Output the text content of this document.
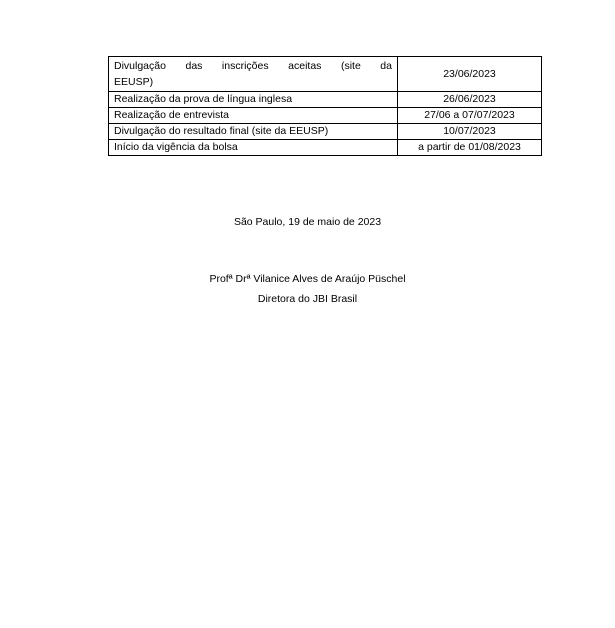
Divulgação das inscrições aceitas (site da
EEUSP)	23/06/2023
Realização da prova de língua inglesa	26/06/2023
Realização de entrevista	27/06 a 07/07/2023
Divulgação do resultado final (site da EEUSP)	10/07/2023
Início da vigência da bolsa	a partir de 01/08/2023
São Paulo, 19 de maio de 2023
Profª Drª Vilanice Alves de Araújo Püschel
Diretora do JBI Brasil
